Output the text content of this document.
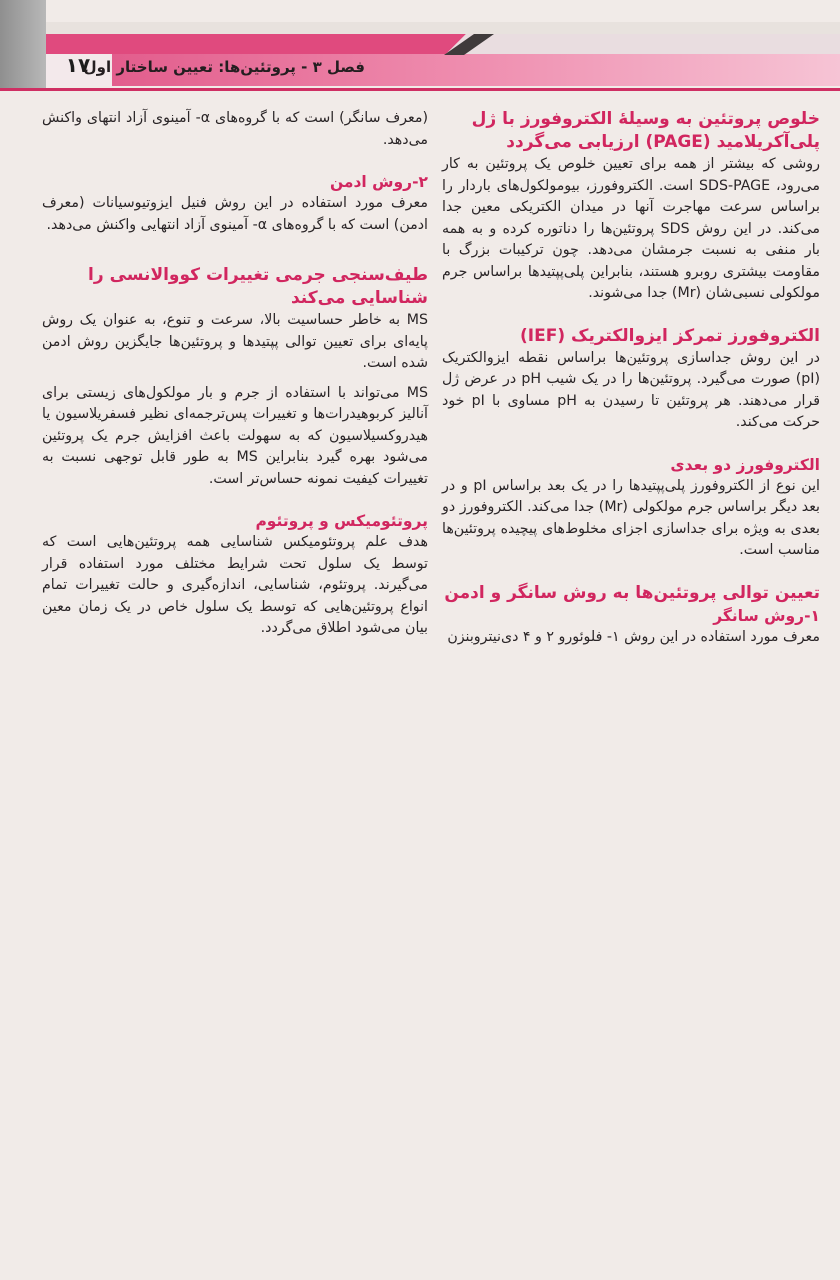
۱۷
فصل ۳ - پروتئین‌ها: تعیین ساختار اول
خلوص پروتئین به وسیلهٔ الکتروفورز با ژل پلی‌آکریلامید (PAGE) ارزیابی می‌گردد

روشی که بیشتر از همه برای تعیین خلوص یک پروتئین به کار می‌رود، SDS-PAGE است. الکتروفورز، بیومولکول‌های باردار را براساس سرعت مهاجرت آنها در میدان الکتریکی معین جدا می‌کند. در این روش SDS پروتئین‌ها را دناتوره کرده و به همه بار منفی به نسبت جرمشان می‌دهد. چون ترکیبات بزرگ با مقاومت بیشتری روبرو هستند، بنابراین پلی‌پپتیدها براساس جرم مولکولی نسبی‌شان (Mr) جدا می‌شوند.

الکتروفورز تمرکز ایزوالکتریک (IEF)

در این روش جداسازی پروتئین‌ها براساس نقطه ایزوالکتریک (pI) صورت می‌گیرد. پروتئین‌ها را در یک شیب pH در عرض ژل قرار می‌دهند. هر پروتئین تا رسیدن به pH مساوی با pI خود حرکت می‌کند.

الکتروفورز دو بعدی

این نوع از الکتروفورز پلی‌پپتیدها را در یک بعد براساس pI و در بعد دیگر براساس جرم مولکولی (Mr) جدا می‌کند. الکتروفورز دو بعدی به ویژه برای جداسازی اجزای مخلوط‌های پیچیده پروتئین‌ها مناسب است.

تعیین توالی پروتئین‌ها به روش سانگر و ادمن
۱-روش سانگر

معرف مورد استفاده در این روش ۱- فلوئورو ۲ و ۴ دی‌نیتروبنزن

(معرف سانگر) است که با گروه‌های α- آمینوی آزاد انتهای واکنش می‌دهد.

۲-روش ادمن

معرف مورد استفاده در این روش فنیل ایزوتیوسیانات (معرف ادمن) است که با گروه‌های α- آمینوی آزاد انتهایی واکنش می‌دهد.

طیف‌سنجی جرمی تغییرات کووالانسی را شناسایی می‌کند

MS به خاطر حساسیت بالا، سرعت و تنوع، به عنوان یک روش پایه‌ای برای تعیین توالی پپتیدها و پروتئین‌ها جایگزین روش ادمن شده است.

MS می‌تواند با استفاده از جرم و بار مولکول‌های زیستی برای آنالیز کربوهیدرات‌ها و تغییرات پس‌ترجمه‌ای نظیر فسفریلاسیون یا هیدروکسیلاسیون که به سهولت باعث افزایش جرم یک پروتئین می‌شود بهره گیرد بنابراین MS به طور قابل توجهی نسبت به تغییرات کیفیت نمونه حساس‌تر است.

پروتئومیکس و پروتئوم

هدف علم پروتئومیکس شناسایی همه پروتئین‌هایی است که توسط یک سلول تحت شرایط مختلف مورد استفاده قرار می‌گیرند. پروتئوم، شناسایی، اندازه‌گیری و حالت تغییرات تمام انواع پروتئین‌هایی که توسط یک سلول خاص در یک زمان معین بیان می‌شود اطلاق می‌گردد.
